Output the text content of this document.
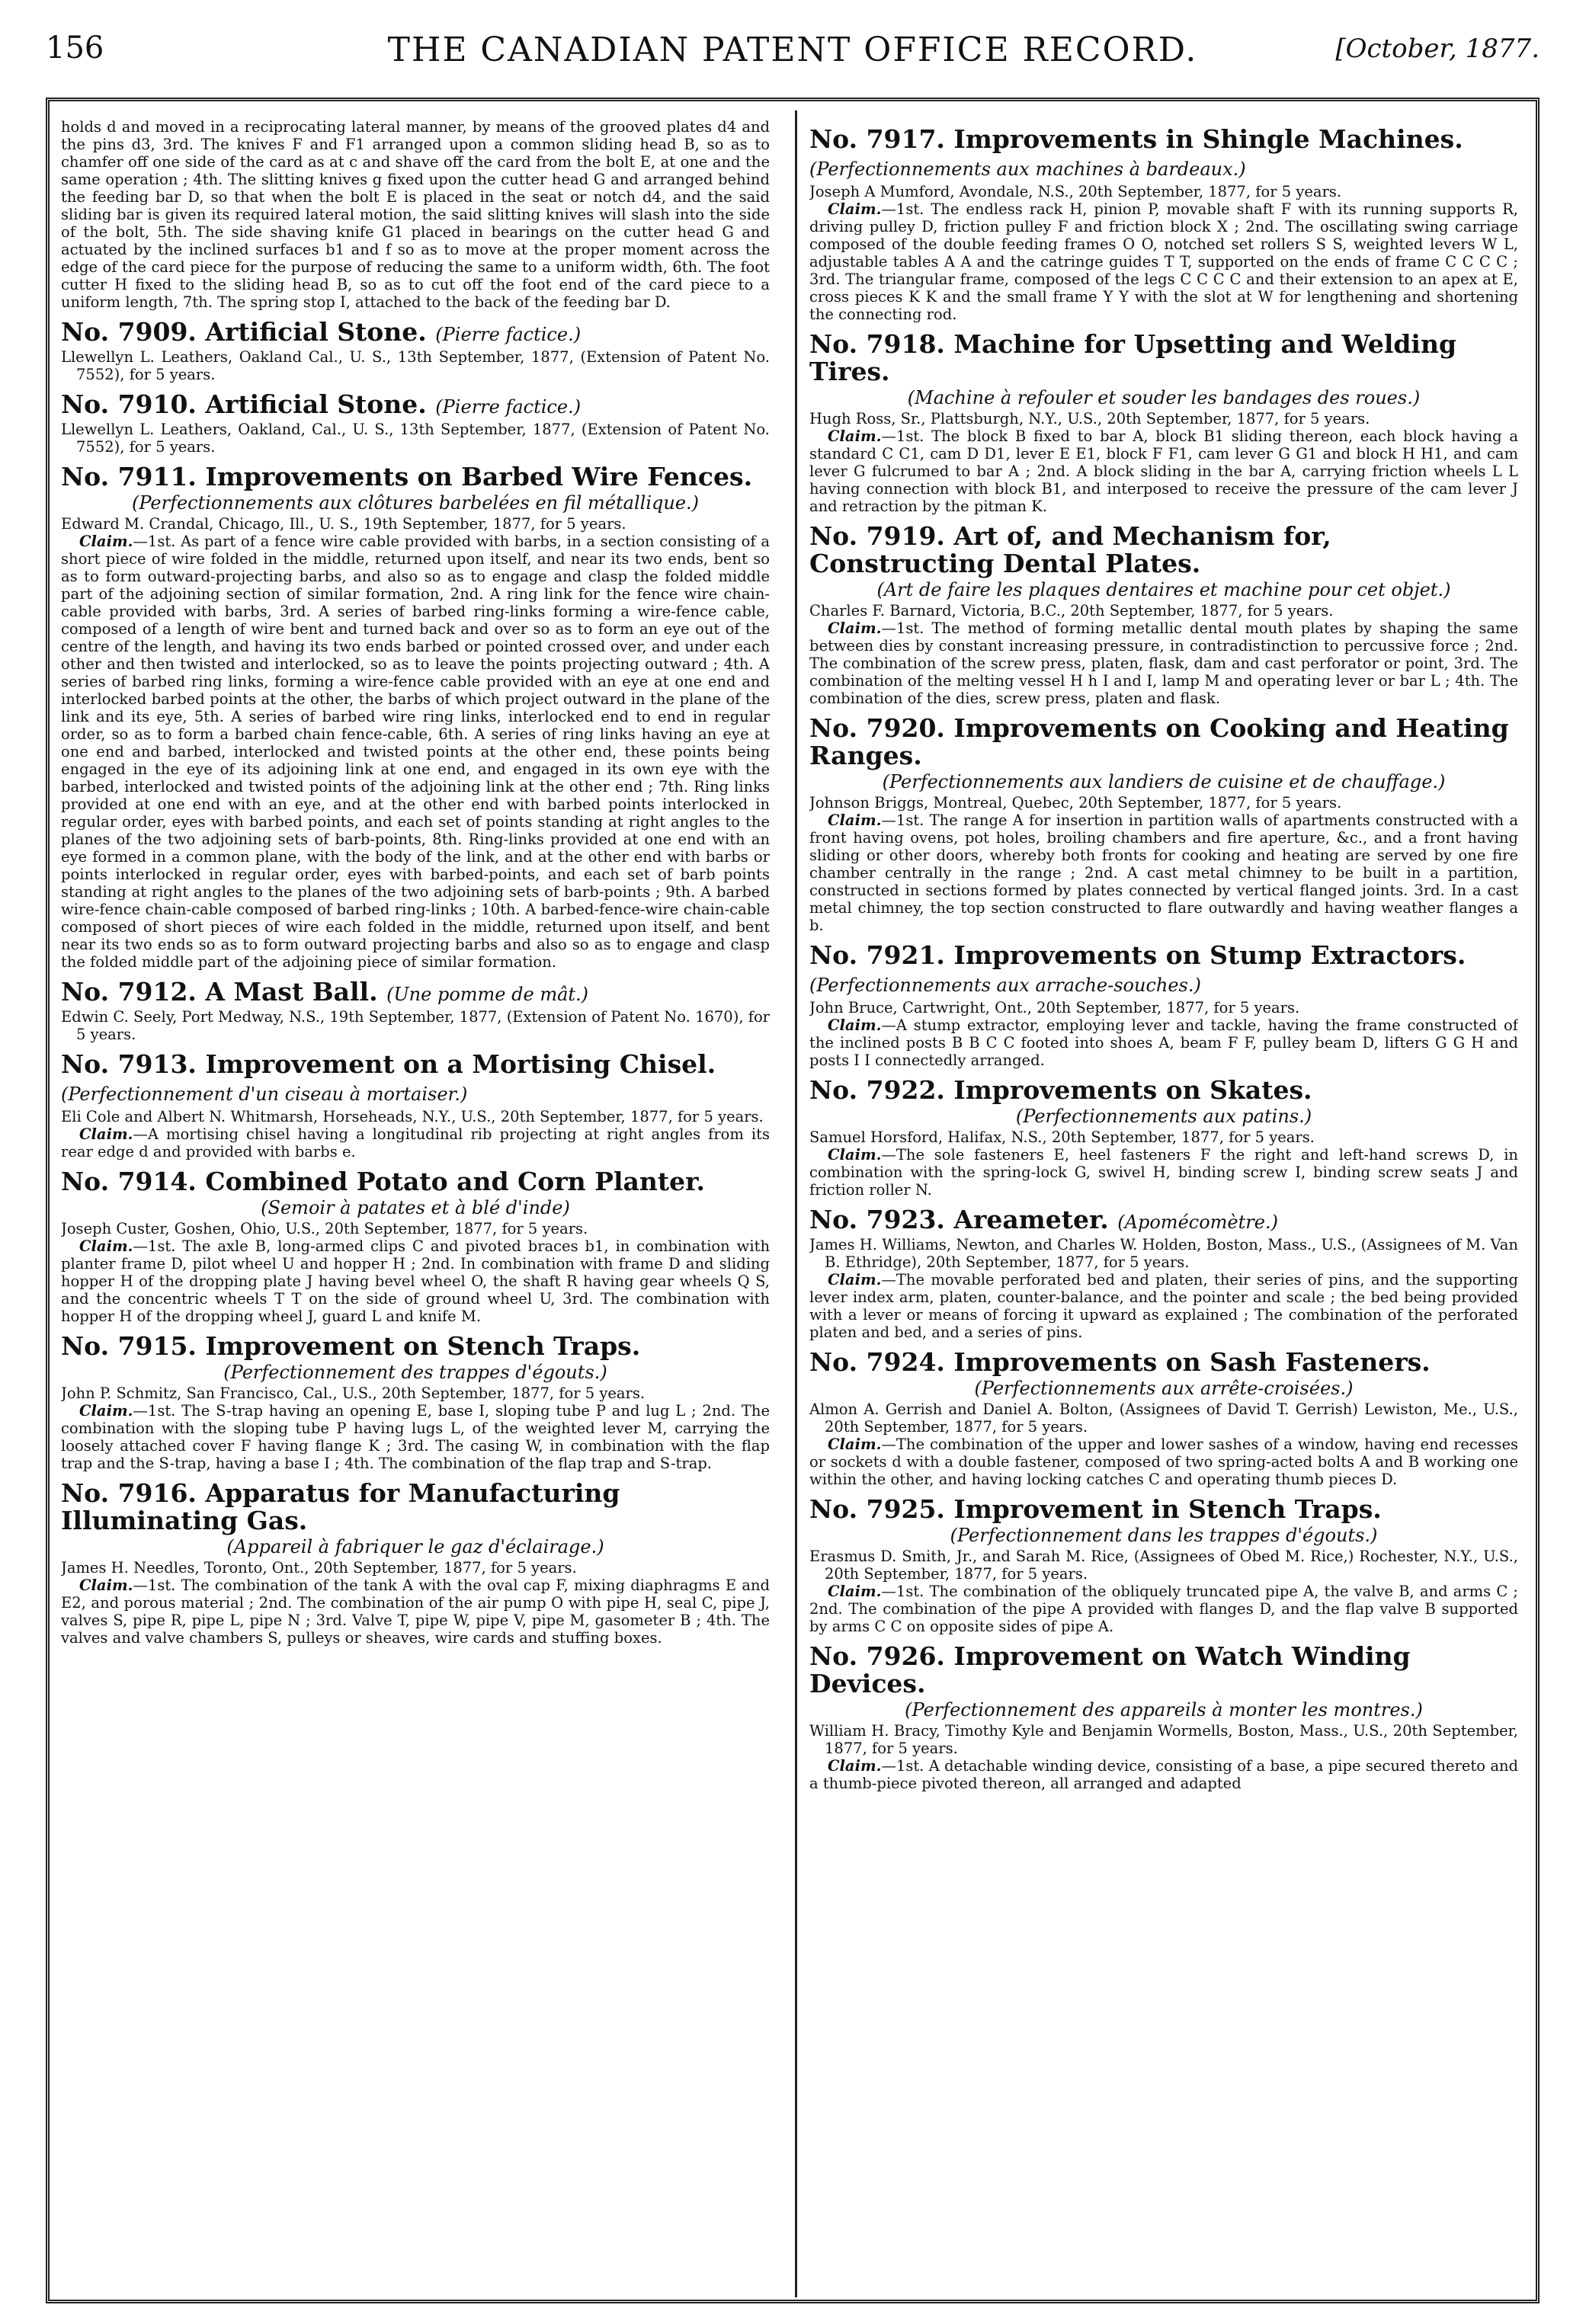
156	THE CANADIAN PATENT OFFICE RECORD.	[October, 1877.

holds d and moved in a reciprocating lateral manner, by means of the grooved plates d4 and the pins d3, 3rd. The knives F and F1 arranged upon a common sliding head B, so as to chamfer off one side of the card as at c and shave off the card from the bolt E, at one and the same operation ; 4th. The slitting knives g fixed upon the cutter head G and arranged behind the feeding bar D, so that when the bolt E is placed in the seat or notch d4, and the said sliding bar is given its required lateral motion, the said slitting knives will slash into the side of the bolt, 5th. The side shaving knife G1 placed in bearings on the cutter head G and actuated by the inclined surfaces b1 and f so as to move at the proper moment across the edge of the card piece for the purpose of reducing the same to a uniform width, 6th. The foot cutter H fixed to the sliding head B, so as to cut off the foot end of the card piece to a uniform length, 7th. The spring stop I, attached to the back of the feeding bar D.

No. 7909. Artificial Stone. (Pierre factice.)

Llewellyn L. Leathers, Oakland Cal., U. S., 13th September, 1877, (Extension of Patent No. 7552), for 5 years.

No. 7910. Artificial Stone. (Pierre factice.)

Llewellyn L. Leathers, Oakland, Cal., U. S., 13th September, 1877, (Extension of Patent No. 7552), for 5 years.

No. 7911. Improvements on Barbed Wire Fences.
(Perfectionnements aux clôtures barbelées en fil métallique.)

Edward M. Crandal, Chicago, Ill., U. S., 19th September, 1877, for 5 years.

Claim.—1st. As part of a fence wire cable provided with barbs, in a section consisting of a short piece of wire folded in the middle, returned upon itself, and near its two ends, bent so as to form outward-projecting barbs, and also so as to engage and clasp the folded middle part of the adjoining section of similar formation, 2nd. A ring link for the fence wire chain-cable provided with barbs, 3rd. A series of barbed ring-links forming a wire-fence cable, composed of a length of wire bent and turned back and over so as to form an eye out of the centre of the length, and having its two ends barbed or pointed crossed over, and under each other and then twisted and interlocked, so as to leave the points projecting outward ; 4th. A series of barbed ring links, forming a wire-fence cable provided with an eye at one end and interlocked barbed points at the other, the barbs of which project outward in the plane of the link and its eye, 5th. A series of barbed wire ring links, interlocked end to end in regular order, so as to form a barbed chain fence-cable, 6th. A series of ring links having an eye at one end and barbed, interlocked and twisted points at the other end, these points being engaged in the eye of its adjoining link at one end, and engaged in its own eye with the barbed, interlocked and twisted points of the adjoining link at the other end ; 7th. Ring links provided at one end with an eye, and at the other end with barbed points interlocked in regular order, eyes with barbed points, and each set of points standing at right angles to the planes of the two adjoining sets of barb-points, 8th. Ring-links provided at one end with an eye formed in a common plane, with the body of the link, and at the other end with barbs or points interlocked in regular order, eyes with barbed-points, and each set of barb points standing at right angles to the planes of the two adjoining sets of barb-points ; 9th. A barbed wire-fence chain-cable composed of barbed ring-links ; 10th. A barbed-fence-wire chain-cable composed of short pieces of wire each folded in the middle, returned upon itself, and bent near its two ends so as to form outward projecting barbs and also so as to engage and clasp the folded middle part of the adjoining piece of similar formation.

No. 7912. A Mast Ball. (Une pomme de mât.)

Edwin C. Seely, Port Medway, N.S., 19th September, 1877, (Extension of Patent No. 1670), for 5 years.

No. 7913. Improvement on a Mortising Chisel. (Perfectionnement d'un ciseau à mortaiser.)

Eli Cole and Albert N. Whitmarsh, Horseheads, N.Y., U.S., 20th September, 1877, for 5 years.

Claim.—A mortising chisel having a longitudinal rib projecting at right angles from its rear edge d and provided with barbs e.

No. 7914. Combined Potato and Corn Planter.
(Semoir à patates et à blé d'inde)

Joseph Custer, Goshen, Ohio, U.S., 20th September, 1877, for 5 years.

Claim.—1st. The axle B, long-armed clips C and pivoted braces b1, in combination with planter frame D, pilot wheel U and hopper H ; 2nd. In combination with frame D and sliding hopper H of the dropping plate J having bevel wheel O, the shaft R having gear wheels Q S, and the concentric wheels T T on the side of ground wheel U, 3rd. The combination with hopper H of the dropping wheel J, guard L and knife M.

No. 7915. Improvement on Stench Traps.
(Perfectionnement des trappes d'égouts.)

John P. Schmitz, San Francisco, Cal., U.S., 20th September, 1877, for 5 years.

Claim.—1st. The S-trap having an opening E, base I, sloping tube P and lug L ; 2nd. The combination with the sloping tube P having lugs L, of the weighted lever M, carrying the loosely attached cover F having flange K ; 3rd. The casing W, in combination with the flap trap and the S-trap, having a base I ; 4th. The combination of the flap trap and S-trap.

No. 7916. Apparatus for Manufacturing Illuminating Gas.
(Appareil à fabriquer le gaz d'éclairage.)

James H. Needles, Toronto, Ont., 20th September, 1877, for 5 years.

Claim.—1st. The combination of the tank A with the oval cap F, mixing diaphragms E and E2, and porous material ; 2nd. The combination of the air pump O with pipe H, seal C, pipe J, valves S, pipe R, pipe L, pipe N ; 3rd. Valve T, pipe W, pipe V, pipe M, gasometer B ; 4th. The valves and valve chambers S, pulleys or sheaves, wire cards and stuffing boxes.

No. 7917. Improvements in Shingle Machines. (Perfectionnements aux machines à bardeaux.)

Joseph A Mumford, Avondale, N.S., 20th September, 1877, for 5 years.

Claim.—1st. The endless rack H, pinion P, movable shaft F with its running supports R, driving pulley D, friction pulley F and friction block X ; 2nd. The oscillating swing carriage composed of the double feeding frames O O, notched set rollers S S, weighted levers W L, adjustable tables A A and the catringe guides T T, supported on the ends of frame C C C C ; 3rd. The triangular frame, composed of the legs C C C C and their extension to an apex at E, cross pieces K K and the small frame Y Y with the slot at W for lengthening and shortening the connecting rod.

No. 7918. Machine for Upsetting and Welding Tires.
(Machine à refouler et souder les bandages des roues.)

Hugh Ross, Sr., Plattsburgh, N.Y., U.S., 20th September, 1877, for 5 years.

Claim.—1st. The block B fixed to bar A, block B1 sliding thereon, each block having a standard C C1, cam D D1, lever E E1, block F F1, cam lever G G1 and block H H1, and cam lever G fulcrumed to bar A ; 2nd. A block sliding in the bar A, carrying friction wheels L L having connection with block B1, and interposed to receive the pressure of the cam lever J and retraction by the pitman K.

No. 7919. Art of, and Mechanism for, Constructing Dental Plates.
(Art de faire les plaques dentaires et machine pour cet objet.)

Charles F. Barnard, Victoria, B.C., 20th September, 1877, for 5 years.

Claim.—1st. The method of forming metallic dental mouth plates by shaping the same between dies by constant increasing pressure, in contradistinction to percussive force ; 2nd. The combination of the screw press, platen, flask, dam and cast perforator or point, 3rd. The combination of the melting vessel H h I and I, lamp M and operating lever or bar L ; 4th. The combination of the dies, screw press, platen and flask.

No. 7920. Improvements on Cooking and Heating Ranges.
(Perfectionnements aux landiers de cuisine et de chauffage.)

Johnson Briggs, Montreal, Quebec, 20th September, 1877, for 5 years.

Claim.—1st. The range A for insertion in partition walls of apartments constructed with a front having ovens, pot holes, broiling chambers and fire aperture, &c., and a front having sliding or other doors, whereby both fronts for cooking and heating are served by one fire chamber centrally in the range ; 2nd. A cast metal chimney to be built in a partition, constructed in sections formed by plates connected by vertical flanged joints. 3rd. In a cast metal chimney, the top section constructed to flare outwardly and having weather flanges a b.

No. 7921. Improvements on Stump Extractors. (Perfectionnements aux arrache-souches.)

John Bruce, Cartwright, Ont., 20th September, 1877, for 5 years.

Claim.—A stump extractor, employing lever and tackle, having the frame constructed of the inclined posts B B C C footed into shoes A, beam F F, pulley beam D, lifters G G H and posts I I connectedly arranged.

No. 7922. Improvements on Skates.
(Perfectionnements aux patins.)

Samuel Horsford, Halifax, N.S., 20th September, 1877, for 5 years.

Claim.—The sole fasteners E, heel fasteners F the right and left-hand screws D, in combination with the spring-lock G, swivel H, binding screw I, binding screw seats J and friction roller N.

No. 7923. Areameter. (Apomécomètre.)

James H. Williams, Newton, and Charles W. Holden, Boston, Mass., U.S., (Assignees of M. Van B. Ethridge), 20th September, 1877, for 5 years.

Claim.—The movable perforated bed and platen, their series of pins, and the supporting lever index arm, platen, counter-balance, and the pointer and scale ; the bed being provided with a lever or means of forcing it upward as explained ; The combination of the perforated platen and bed, and a series of pins.

No. 7924. Improvements on Sash Fasteners.
(Perfectionnements aux arrête-croisées.)

Almon A. Gerrish and Daniel A. Bolton, (Assignees of David T. Gerrish) Lewiston, Me., U.S., 20th September, 1877, for 5 years.

Claim.—The combination of the upper and lower sashes of a window, having end recesses or sockets d with a double fastener, composed of two spring-acted bolts A and B working one within the other, and having locking catches C and operating thumb pieces D.

No. 7925. Improvement in Stench Traps.
(Perfectionnement dans les trappes d'égouts.)

Erasmus D. Smith, Jr., and Sarah M. Rice, (Assignees of Obed M. Rice,) Rochester, N.Y., U.S., 20th September, 1877, for 5 years.

Claim.—1st. The combination of the obliquely truncated pipe A, the valve B, and arms C ; 2nd. The combination of the pipe A provided with flanges D, and the flap valve B supported by arms C C on opposite sides of pipe A.

No. 7926. Improvement on Watch Winding Devices.
(Perfectionnement des appareils à monter les montres.)

William H. Bracy, Timothy Kyle and Benjamin Wormells, Boston, Mass., U.S., 20th September, 1877, for 5 years.

Claim.—1st. A detachable winding device, consisting of a base, a pipe secured thereto and a thumb-piece pivoted thereon, all arranged and adapted
